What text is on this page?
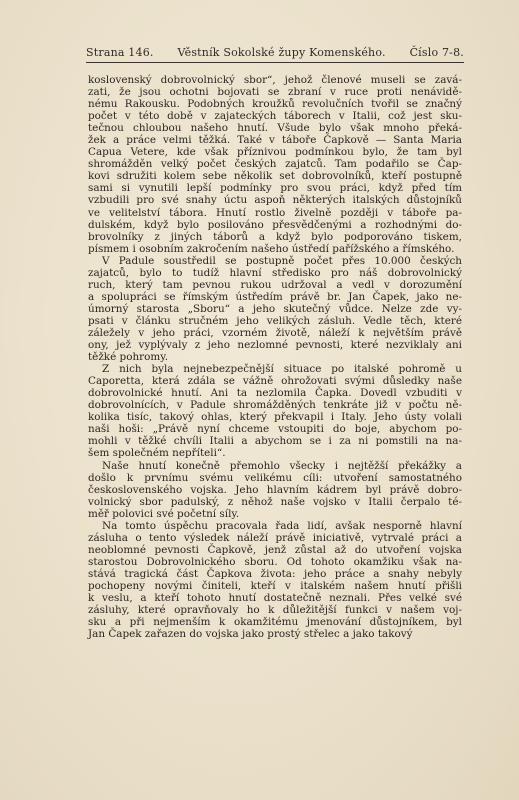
Strana 146. Věstník Sokolské župy Komenského. Číslo 7-8.
koslovenský dobrovolnický sbor“, jehož členové museli se zavá-
zati, že jsou ochotni bojovati se zbraní v ruce proti nenávidě-
nému Rakousku. Podobných kroužků revolučních tvořil se značný
počet v této době v zajateckých táborech v Italii, což jest sku-
tečnou chloubou našeho hnutí. Všude bylo však mnoho překá-
žek a práce velmi těžká. Také v táboře Čapkově — Santa Maria
Capua Vetere, kde však příznivou podmínkou bylo, že tam byl
shromážděn velký počet českých zajatců. Tam podařilo se Čap-
kovi sdružiti kolem sebe několik set dobrovolníků, kteří postupně
sami si vynutili lepší podmínky pro svou práci, když před tím
vzbudili pro své snahy úctu aspoň některých italských důstojníků
ve velitelství tábora. Hnutí rostlo živelně později v táboře pa-
dulském, když bylo posilováno přesvědčenými a rozhodnými do-
brovolníky z jiných táborů a když bylo podporováno tiskem,
písmem i osobním zakročením našeho ústředí pařížského a římského.
V Padule soustředil se postupně počet přes 10.000 českých
zajatců, bylo to tudíž hlavní středisko pro náš dobrovolnický
ruch, který tam pevnou rukou udržoval a vedl v dorozumění
a spolupráci se římským ústředím právě br. Jan Čapek, jako ne-
úmorný starosta „Sboru“ a jeho skutečný vůdce. Nelze zde vy-
psati v článku stručném jeho velikých zásluh. Vedle těch, které
záležely v jeho práci, vzorném životě, náleží k největším právě
ony, jež vyplývaly z jeho nezlomné pevnosti, které nezviklaly ani
těžké pohromy.
Z nich byla nejnebezpečnější situace po italské pohromě u
Caporetta, která zdála se vážně ohrožovati svými důsledky naše
dobrovolnické hnutí. Ani ta nezlomila Čapka. Dovedl vzbuditi v
dobrovolnících, v Padule shromážděných tenkráte již v počtu ně-
kolika tisíc, takový ohlas, který překvapil i Italy. Jeho ústy volali
naši hoši: „Právě nyní chceme vstoupiti do boje, abychom po-
mohli v těžké chvíli Italii a abychom se i za ni pomstili na na-
šem společném nepříteli“.
Naše hnutí konečně přemohlo všecky i nejtěžší překážky a
došlo k prvnímu svému velikému cíli: utvoření samostatného
československého vojska. Jeho hlavním kádrem byl právě dobro-
volnický sbor padulský, z něhož naše vojsko v Italii čerpalo té-
měř polovici své početní síly.
Na tomto úspěchu pracovala řada lidí, avšak nesporně hlavní
zásluha o tento výsledek náleží právě iniciativě, vytrvalé práci a
neoblomné pevnosti Čapkově, jenž zůstal až do utvoření vojska
starostou Dobrovolnického sboru. Od tohoto okamžiku však na-
stává tragická část Čapkova života: jeho práce a snahy nebyly
pochopeny novými činiteli, kteří v italském našem hnutí přišli
k veslu, a kteří tohoto hnutí dostatečně neznali. Přes velké své
zásluhy, které opravňovaly ho k důležitější funkci v našem voj-
sku a při nejmenším k okamžitému jmenování důstojníkem, byl
Jan Čapek zařazen do vojska jako prostý střelec a jako takový
